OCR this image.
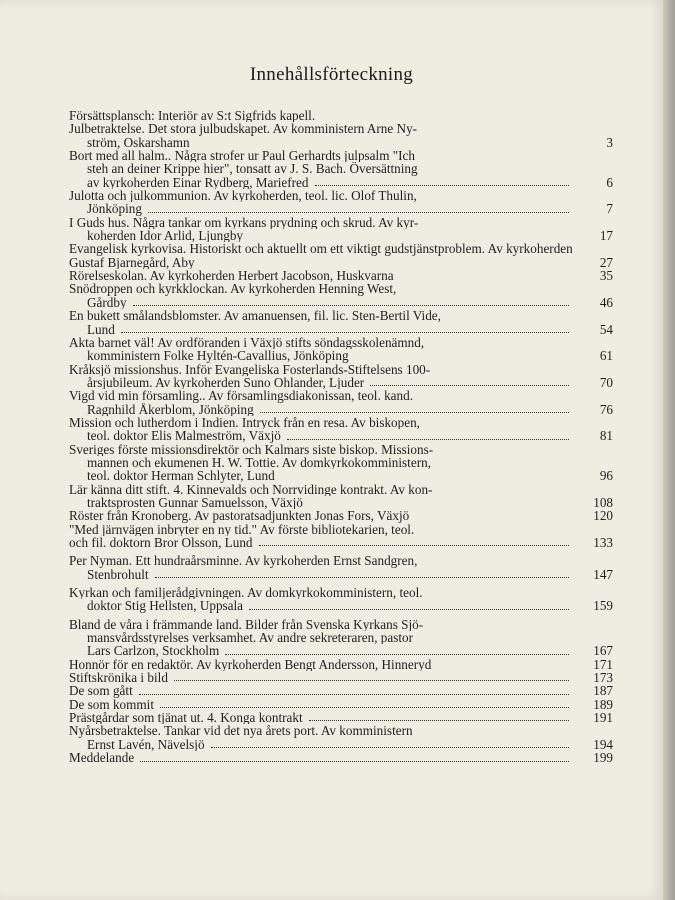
Innehållsförteckning
Försättsplansch: Interiör av S:t Sigfrids kapell.
Julbetraktelse. Det stora julbudskapet. Av komministern Arne Ny-
ström, Oskarshamn	3
Bort med all halm.. Några strofer ur Paul Gerhardts julpsalm "Ich
steh an deiner Krippe hier", tonsatt av J. S. Bach. Översättning
av kyrkoherden Einar Rydberg, Mariefred	6
Julotta och julkommunion. Av kyrkoherden, teol. lic. Olof Thulin,
Jönköping	7
I Guds hus. Några tankar om kyrkans prydning och skrud. Av kyr-
koherden Idor Arlid, Ljungby	17
Evangelisk kyrkovisa. Historiskt och aktuellt om ett viktigt gudstjänstproblem. Av kyrkoherden Gustaf Bjarnegård, Aby	27
Rörelseskolan. Av kyrkoherden Herbert Jacobson, Huskvarna	35
Snödroppen och kyrkklockan. Av kyrkoherden Henning West,
Gårdby	46
En bukett smålandsblomster. Av amanuensen, fil. lic. Sten-Bertil Vide,
Lund	54
Akta barnet väl! Av ordföranden i Växjö stifts söndagsskolenämnd,
komministern Folke Hyltén-Cavallius, Jönköping	61
Kråksjö missionshus. Inför Evangeliska Fosterlands-Stiftelsens 100-
årsjubileum. Av kyrkoherden Suno Ohlander, Ljuder	70
Vigd vid min församling.. Av församlingsdiakonissan, teol. kand.
Ragnhild Åkerblom, Jönköping	76
Mission och lutherdom i Indien. Intryck från en resa. Av biskopen,
teol. doktor Elis Malmeström, Växjö	81
Sveriges förste missionsdirektör och Kalmars siste biskop. Missions-
mannen och ekumenen H. W. Tottie. Av domkyrkokomministern,
teol. doktor Herman Schlyter, Lund	96
Lär känna ditt stift. 4. Kinnevalds och Norrvidinge kontrakt. Av kon-
traktsprosten Gunnar Samuelsson, Växjö	108
Röster från Kronoberg. Av pastoratsadjunkten Jonas Fors, Växjö	120
"Med järnvägen inbryter en ny tid." Av förste bibliotekarien, teol.
och fil. doktorn Bror Olsson, Lund	133
Per Nyman. Ett hundraårsminne. Av kyrkoherden Ernst Sandgren,
Stenbrohult	147
Kyrkan och familjerådgivningen. Av domkyrkokomministern, teol.
doktor Stig Hellsten, Uppsala	159
Bland de våra i främmande land. Bilder från Svenska Kyrkans Sjö-
mansvårdsstyrelses verksamhet. Av andre sekreteraren, pastor
Lars Carlzon, Stockholm	167
Honnör för en redaktör. Av kyrkoherden Bengt Andersson, Hinneryd	171
Stiftskrönika i bild	173
De som gått	187
De som kommit	189
Prästgårdar som tjänat ut. 4. Konga kontrakt	191
Nyårsbetraktelse. Tankar vid det nya årets port. Av komministern
Ernst Lavén, Nävelsjö	194
Meddelande	199
